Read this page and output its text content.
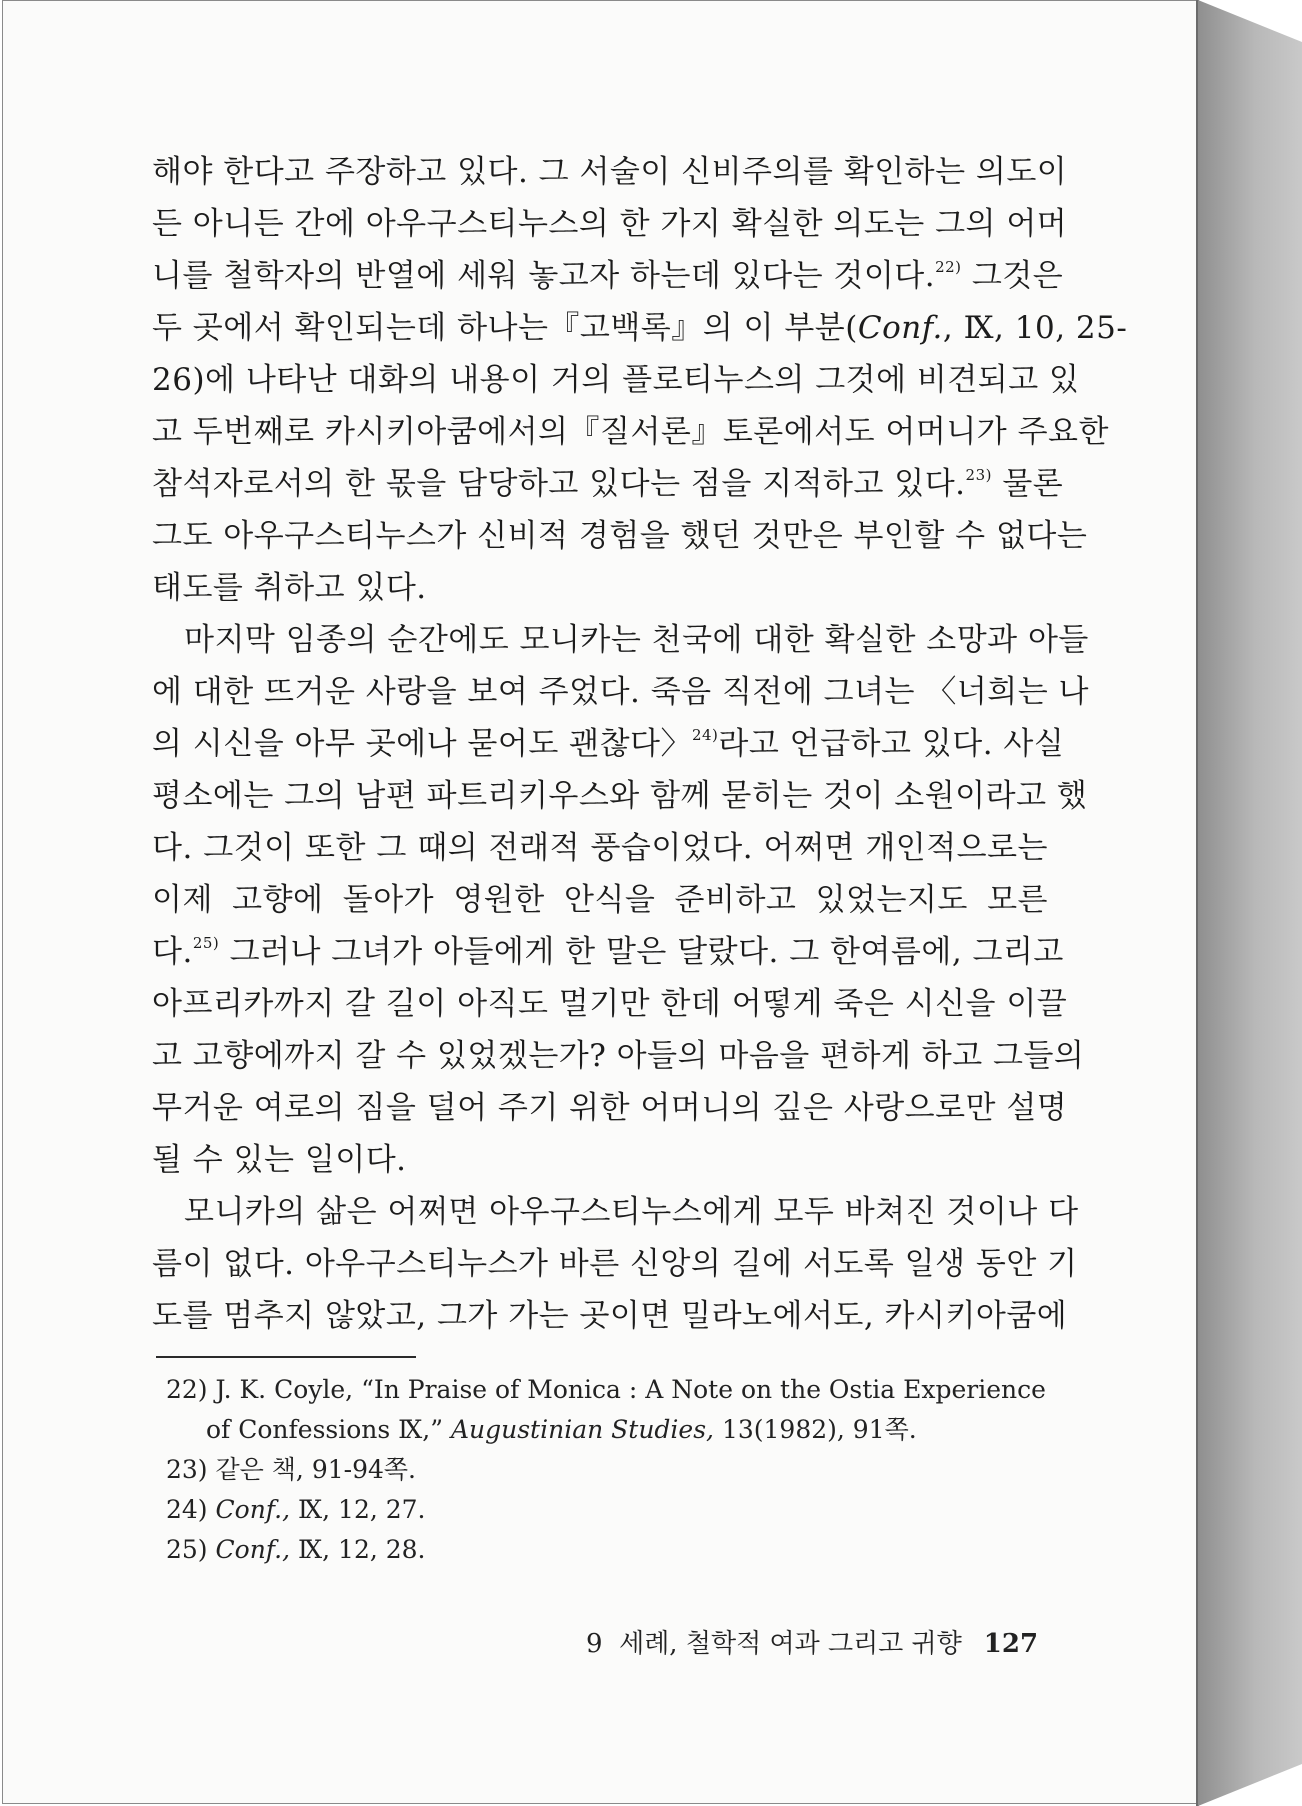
해야 한다고 주장하고 있다. 그 서술이 신비주의를 확인하는 의도이
든 아니든 간에 아우구스티누스의 한 가지 확실한 의도는 그의 어머
니를 철학자의 반열에 세워 놓고자 하는데 있다는 것이다.$^{22)}$ 그것은
두 곳에서 확인되는데 하나는『고백록』의 이 부분(Conf., Ⅸ, 10, 25-
26)에 나타난 대화의 내용이 거의 플로티누스의 그것에 비견되고 있
고 두번째로 카시키아쿰에서의『질서론』토론에서도 어머니가 주요한
참석자로서의 한 몫을 담당하고 있다는 점을 지적하고 있다.$^{23)}$ 물론
그도 아우구스티누스가 신비적 경험을 했던 것만은 부인할 수 없다는
태도를 취하고 있다.
마지막 임종의 순간에도 모니카는 천국에 대한 확실한 소망과 아들
에 대한 뜨거운 사랑을 보여 주었다. 죽음 직전에 그녀는 〈너희는 나
의 시신을 아무 곳에나 묻어도 괜찮다〉$^{24)}$라고 언급하고 있다. 사실
평소에는 그의 남편 파트리키우스와 함께 묻히는 것이 소원이라고 했
다. 그것이 또한 그 때의 전래적 풍습이었다. 어쩌면 개인적으로는
이제 고향에 돌아가 영원한 안식을 준비하고 있었는지도 모른
다.$^{25)}$ 그러나 그녀가 아들에게 한 말은 달랐다. 그 한여름에, 그리고
아프리카까지 갈 길이 아직도 멀기만 한데 어떻게 죽은 시신을 이끌
고 고향에까지 갈 수 있었겠는가? 아들의 마음을 편하게 하고 그들의
무거운 여로의 짐을 덜어 주기 위한 어머니의 깊은 사랑으로만 설명
될 수 있는 일이다.
모니카의 삶은 어쩌면 아우구스티누스에게 모두 바쳐진 것이나 다
름이 없다. 아우구스티누스가 바른 신앙의 길에 서도록 일생 동안 기
도를 멈추지 않았고, 그가 가는 곳이면 밀라노에서도, 카시키아쿰에
22) J. K. Coyle, “In Praise of Monica : A Note on the Ostia Experience
of Confessions Ⅸ,” Augustinian Studies, 13(1982), 91쪽.
23) 같은 책, 91-94쪽.
24) Conf., Ⅸ, 12, 27.
25) Conf., Ⅸ, 12, 28.
9 세례, 철학적 여과 그리고 귀향 127
